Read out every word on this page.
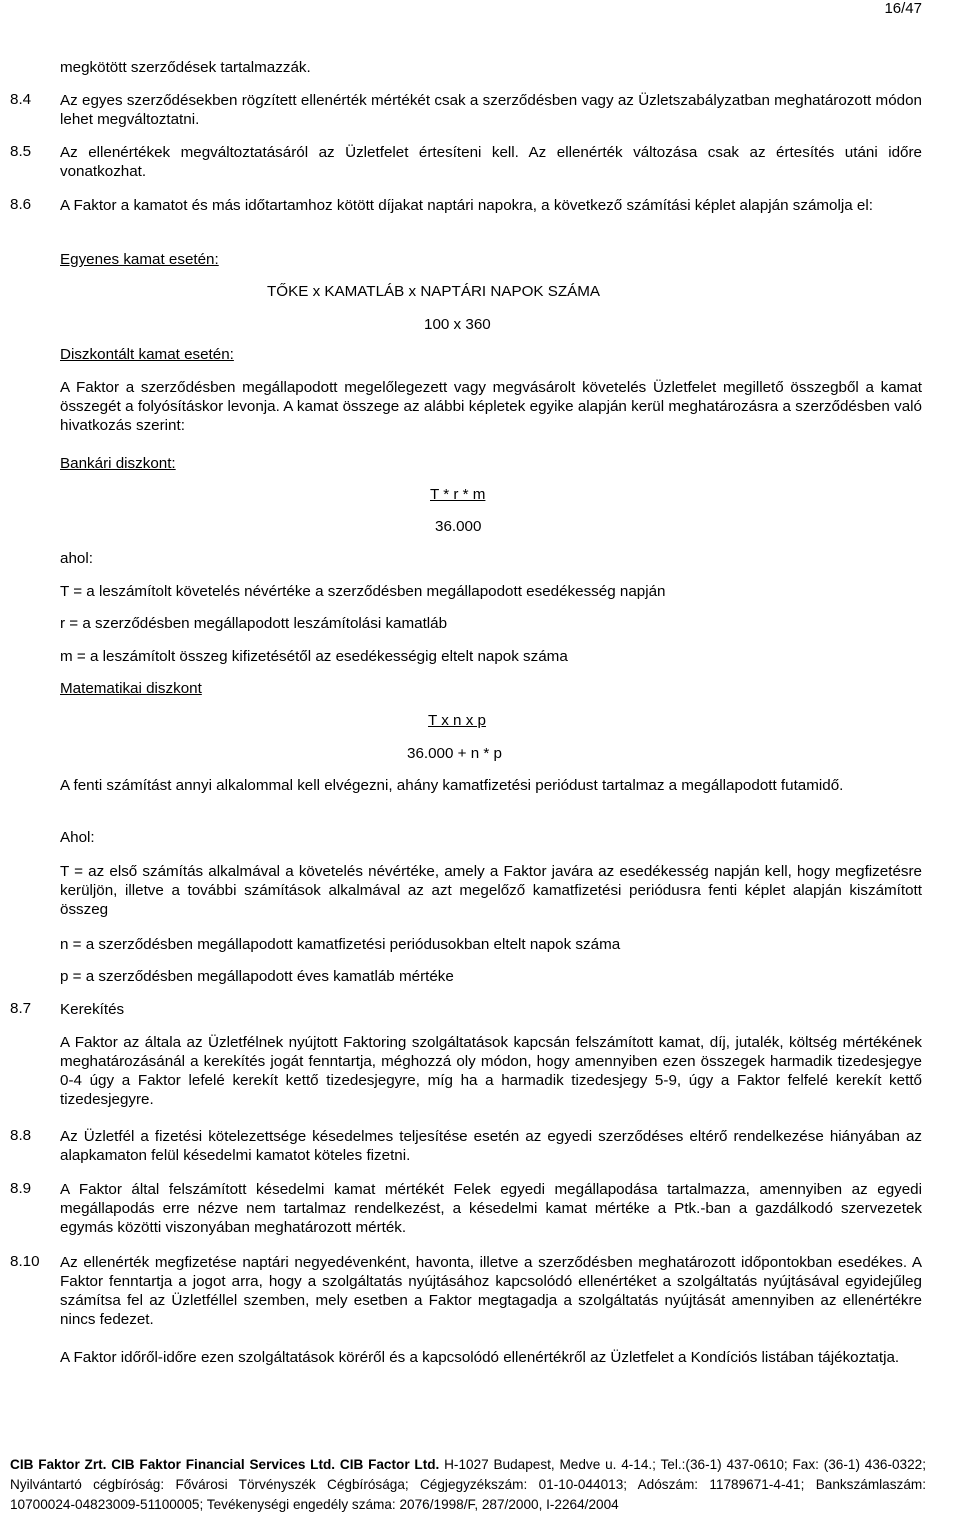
16/47
megkötött szerződések tartalmazzák.
8.4 Az egyes szerződésekben rögzített ellenérték mértékét csak a szerződésben vagy az Üzletszabályzatban meghatározott módon lehet megváltoztatni.

8.5 Az ellenértékek megváltoztatásáról az Üzletfelet értesíteni kell. Az ellenérték változása csak az értesítés utáni időre vonatkozhat.

8.6 A Faktor a kamatot és más időtartamhoz kötött díjakat naptári napokra, a következő számítási képlet alapján számolja el:

Egyenes kamat esetén:
TŐKE x KAMATLÁB x NAPTÁRI NAPOK SZÁMA
100 x 360
Diszkontált kamat esetén:

A Faktor a szerződésben megállapodott megelőlegezett vagy megvásárolt követelés Üzletfelet megillető összegből a kamat összegét a folyósításkor levonja. A kamat összege az alábbi képletek egyike alapján kerül meghatározásra a szerződésben való hivatkozás szerint:

Bankári diszkont:
T * r * m
36.000
ahol:
T = a leszámítolt követelés névértéke a szerződésben megállapodott esedékesség napján
r = a szerződésben megállapodott leszámítolási kamatláb
m = a leszámítolt összeg kifizetésétől az esedékességig eltelt napok száma
Matematikai diszkont
T x n x p
36.000 + n * p

A fenti számítást annyi alkalommal kell elvégezni, ahány kamatfizetési periódust tartalmaz a megállapodott futamidő.

Ahol:

T = az első számítás alkalmával a követelés névértéke, amely a Faktor javára az esedékesség napján kell, hogy megfizetésre kerüljön, illetve a további számítások alkalmával az azt megelőző kamatfizetési periódusra fenti képlet alapján kiszámított összeg

n = a szerződésben megállapodott kamatfizetési periódusokban eltelt napok száma
p = a szerződésben megállapodott éves kamatláb mértéke
8.7 Kerekítés

A Faktor az általa az Üzletfélnek nyújtott Faktoring szolgáltatások kapcsán felszámított kamat, díj, jutalék, költség mértékének meghatározásánál a kerekítés jogát fenntartja, méghozzá oly módon, hogy amennyiben ezen összegek harmadik tizedesjegye 0-4 úgy a Faktor lefelé kerekít kettő tizedesjegyre, míg ha a harmadik tizedesjegy 5-9, úgy a Faktor felfelé kerekít kettő tizedesjegyre.

8.8 Az Üzletfél a fizetési kötelezettsége késedelmes teljesítése esetén az egyedi szerződéses eltérő rendelkezése hiányában az alapkamaton felül késedelmi kamatot köteles fizetni.

8.9 A Faktor által felszámított késedelmi kamat mértékét Felek egyedi megállapodása tartalmazza, amennyiben az egyedi megállapodás erre nézve nem tartalmaz rendelkezést, a késedelmi kamat mértéke a Ptk.-ban a gazdálkodó szervezetek egymás közötti viszonyában meghatározott mérték.

8.10 Az ellenérték megfizetése naptári negyedévenként, havonta, illetve a szerződésben meghatározott időpontokban esedékes. A Faktor fenntartja a jogot arra, hogy a szolgáltatás nyújtásához kapcsolódó ellenértéket a szolgáltatás nyújtásával egyidejűleg számítsa fel az Üzletféllel szemben, mely esetben a Faktor megtagadja a szolgáltatás nyújtását amennyiben az ellenértékre nincs fedezet.

A Faktor időről-időre ezen szolgáltatások köréről és a kapcsolódó ellenértékről az Üzletfelet a Kondíciós listában tájékoztatja.

CIB Faktor Zrt. CIB Faktor Financial Services Ltd. CIB Factor Ltd. H-1027 Budapest, Medve u. 4-14.; Tel.:(36-1) 437-0610; Fax: (36-1) 436-0322; Nyilvántartó cégbíróság: Fővárosi Törvényszék Cégbírósága; Cégjegyzékszám: 01-10-044013; Adószám: 11789671-4-41; Bankszámlaszám: 10700024-04823009-51100005; Tevékenységi engedély száma: 2076/1998/F, 287/2000, I-2264/2004
